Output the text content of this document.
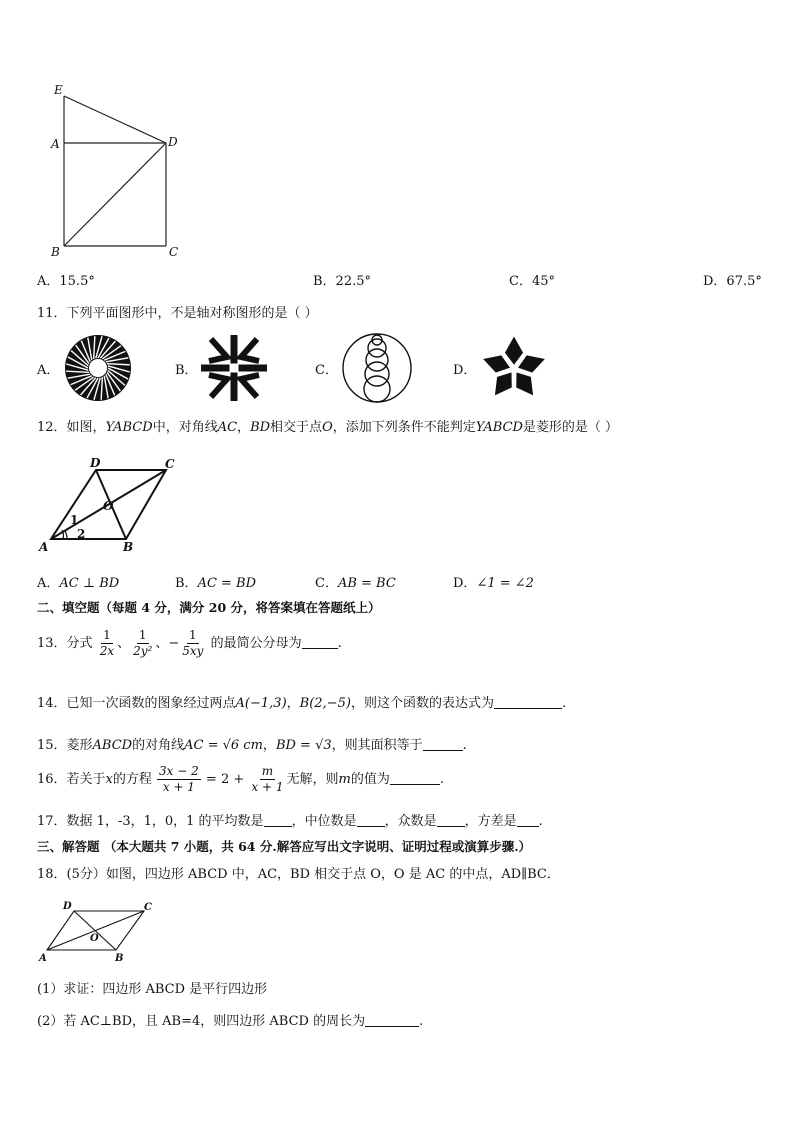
E
A	D
B	C
A．15.5°	B．22.5°	C．45°	D．67.5°
11．下列平面图形中，不是轴对称图形的是（ ）
A．	B．	C．	D．
12．如图，YABCD中，对角线AC，BD相交于点O，添加下列条件不能判定YABCD是菱形的是（ ）
D	C
O
1
2
A	B
A．AC ⊥ BD	B．AC = BD	C．AB = BC	D．∠1 = ∠2
二、填空题（每题 4 分，满分 20 分，将答案填在答题纸上）
13．分式 $\frac{1}{2x}$ 、 $\frac{1}{\text{2y²}}$ 、− $\frac{1}{5xy}$ 的最简公分母为	.
14．已知一次函数的图象经过两点A(−1,3)，B(2,−5)，则这个函数的表达式为	.
15．菱形ABCD的对角线AC = √6 cm，BD = √3，则其面积等于	.
16．若关于x的方程 $\frac{3x - 2}{x + 1} = 2 + \frac{m}{x + 1}$ 无解，则m的值为	.
17．数据 1，-3，1，0，1 的平均数是 ，中位数是 ，众数是 ，方差是 .
三、解答题 （本大题共 7 小题，共 64 分.解答应写出文字说明、证明过程或演算步骤.）
18．(5分）如图，四边形 ABCD 中，AC，BD 相交于点 O，O 是 AC 的中点，AD∥BC．
D	C
O
A	B
(1）求证：四边形 ABCD 是平行四边形
(2）若 AC⊥BD，且 AB=4，则四边形 ABCD 的周长为	.
